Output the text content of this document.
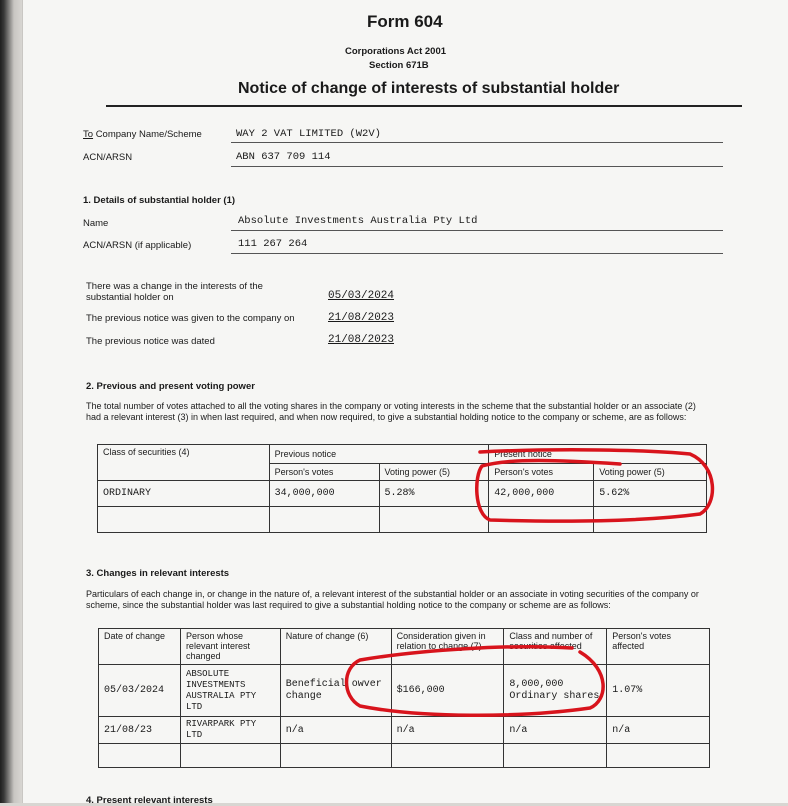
Form 604
Corporations Act 2001
Section 671B
Notice of change of interests of substantial holder
To Company Name/Scheme	WAY 2 VAT LIMITED (W2V)
ACN/ARSN	ABN 637 709 114
1. Details of substantial holder (1)
Name	Absolute Investments Australia Pty Ltd
ACN/ARSN (if applicable)	111 267 264
There was a change in the interests of the substantial holder on	05/03/2024
The previous notice was given to the company on	21/08/2023
The previous notice was dated	21/08/2023
2. Previous and present voting power
The total number of votes attached to all the voting shares in the company or voting interests in the scheme that the substantial holder or an associate (2) had a relevant interest (3) in when last required, and when now required, to give a substantial holding notice to the company or scheme, are as follows:
Class of securities (4)	Previous notice		Present notice	
	Person's votes	Voting power (5)	Person's votes	Voting power (5)
ORDINARY	34,000,000	5.28%	42,000,000	5.62%

3. Changes in relevant interests
Particulars of each change in, or change in the nature of, a relevant interest of the substantial holder or an associate in voting securities of the company or scheme, since the substantial holder was last required to give a substantial holding notice to the company or scheme are as follows:
Date of change	Person whose relevant interest changed	Nature of change (6)	Consideration given in relation to change (7)	Class and number of securities affected	Person's votes affected
05/03/2024	ABSOLUTE INVESTMENTS AUSTRALIA PTY LTD	Beneficial owver change	$166,000	8,000,000 Ordinary shares	1.07%
21/08/23	RIVARPARK PTY LTD	n/a	n/a	n/a	n/a

4. Present relevant interests
